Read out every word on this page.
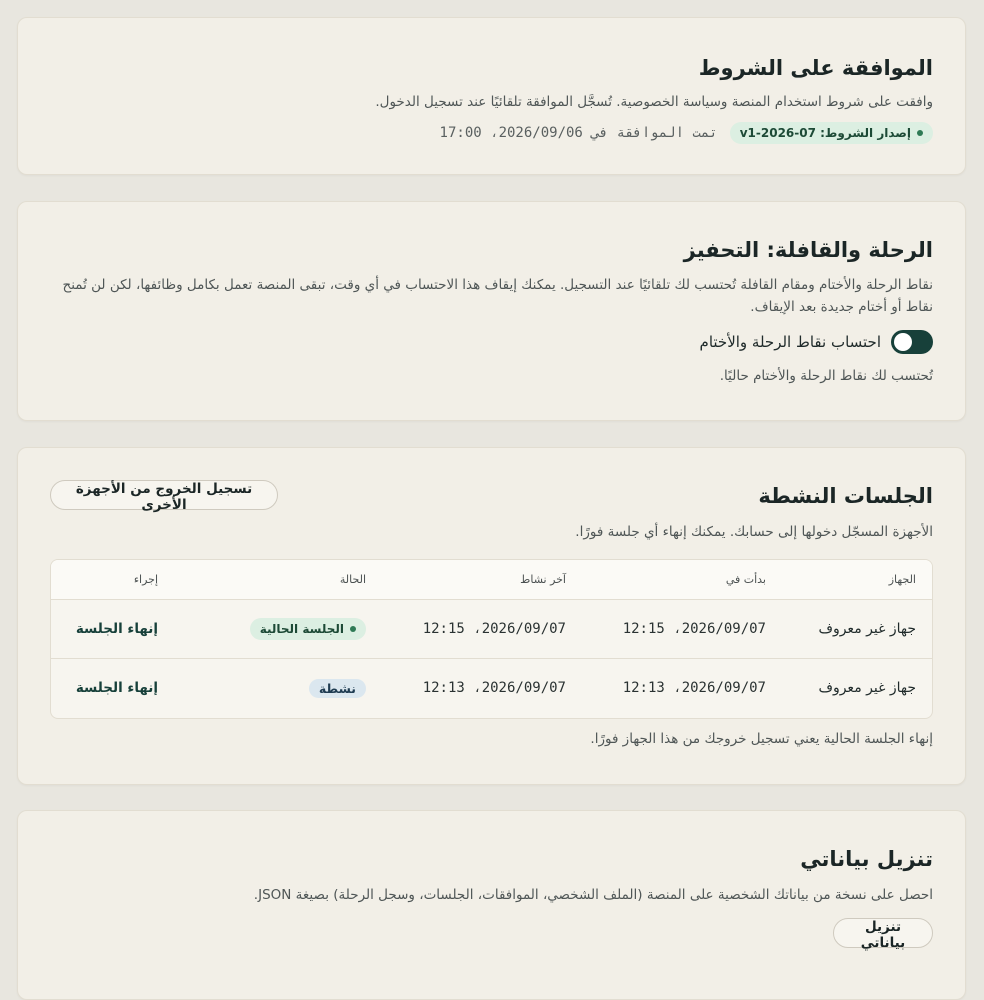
الموافقة على الشروط
وافقت على شروط استخدام المنصة وسياسة الخصوصية. تُسجَّل الموافقة تلقائيًا عند تسجيل الدخول.
إصدار الشروط: v1-2026-07
تمت الموافقة في 2026/09/06، 17:00
الرحلة والقافلة: التحفيز
نقاط الرحلة والأختام ومقام القافلة تُحتسب لك تلقائيًا عند التسجيل. يمكنك إيقاف هذا الاحتساب في أي وقت، تبقى المنصة تعمل بكامل وظائفها، لكن لن تُمنح نقاط أو أختام جديدة بعد الإيقاف.
احتساب نقاط الرحلة والأختام
تُحتسب لك نقاط الرحلة والأختام حاليًا.
الجلسات النشطة
تسجيل الخروج من الأجهزة الأخرى
الأجهزة المسجّل دخولها إلى حسابك. يمكنك إنهاء أي جلسة فورًا.
الجهاز
بدأت في
آخر نشاط
الحالة
إجراء
جهاز غير معروف
2026/09/07، 12:15
2026/09/07، 12:15
الجلسة الحالية
إنهاء الجلسة
جهاز غير معروف
2026/09/07، 12:13
2026/09/07، 12:13
نشطة
إنهاء الجلسة
إنهاء الجلسة الحالية يعني تسجيل خروجك من هذا الجهاز فورًا.
تنزيل بياناتي
احصل على نسخة من بياناتك الشخصية على المنصة (الملف الشخصي، الموافقات، الجلسات، وسجل الرحلة) بصيغة JSON.
تنزيل بياناتي
